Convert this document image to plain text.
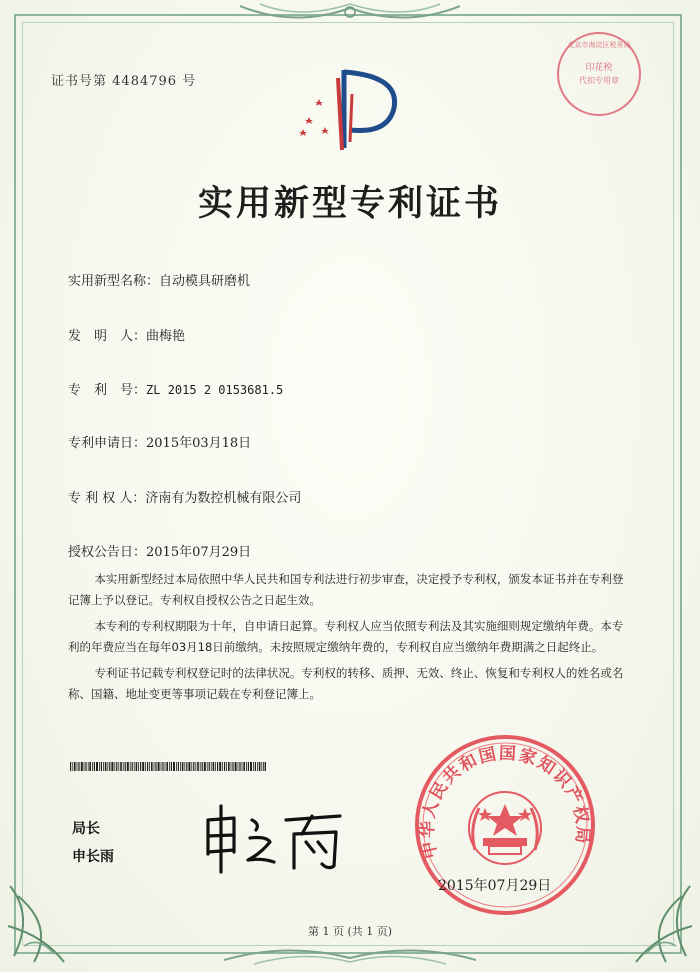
证书号第 4484796 号
北京市海淀区税务局
印花税
代扣专用章
实用新型专利证书
实用新型名称：自动模具研磨机
发　明　人：曲梅艳
专　利　号：ZL 2015 2 0153681.5
专利申请日：2015年03月18日
专 利 权 人：济南有为数控机械有限公司
授权公告日：2015年07月29日

本实用新型经过本局依照中华人民共和国专利法进行初步审查，决定授予专利权，颁发本证书并在专利登记簿上予以登记。专利权自授权公告之日起生效。

本专利的专利权期限为十年，自申请日起算。专利权人应当依照专利法及其实施细则规定缴纳年费。本专利的年费应当在每年03月18日前缴纳。未按照规定缴纳年费的，专利权自应当缴纳年费期满之日起终止。

专利证书记载专利权登记时的法律状况。专利权的转移、质押、无效、终止、恢复和专利权人的姓名或名称、国籍、地址变更等事项记载在专利登记簿上。

局长
申长雨	中华人民共和国国家知识产权局
2015年07月29日
第 1 页 (共 1 页)
